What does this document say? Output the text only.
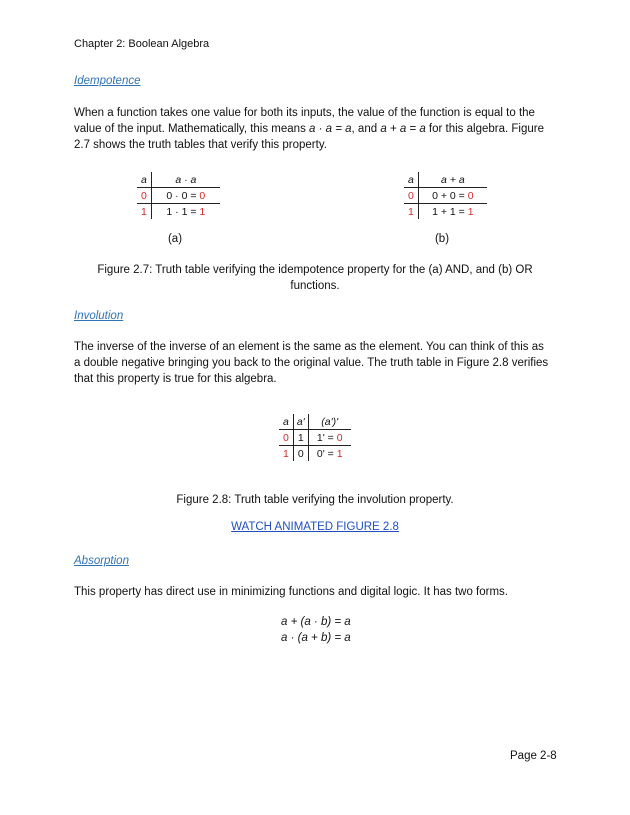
Chapter 2: Boolean Algebra
Idempotence
When a function takes one value for both its inputs, the value of the function is equal to the value of the input. Mathematically, this means a · a = a, and a + a = a for this algebra. Figure 2.7 shows the truth tables that verify this property.
a	a · a
0	0 · 0 = 0
1	1 · 1 = 1
(a)
a	a + a
0	0 + 0 = 0
1	1 + 1 = 1
(b)
Figure 2.7: Truth table verifying the idempotence property for the (a) AND, and (b) OR
functions.
Involution
The inverse of the inverse of an element is the same as the element. You can think of this as a double negative bringing you back to the original value. The truth table in Figure 2.8 verifies that this property is true for this algebra.
a	a'	(a')'
0	1	1' = 0
1	0	0' = 1
Figure 2.8: Truth table verifying the involution property.
WATCH ANIMATED FIGURE 2.8
Absorption
This property has direct use in minimizing functions and digital logic. It has two forms.
a + (a · b) = a
a · (a + b) = a
Page 2-8
